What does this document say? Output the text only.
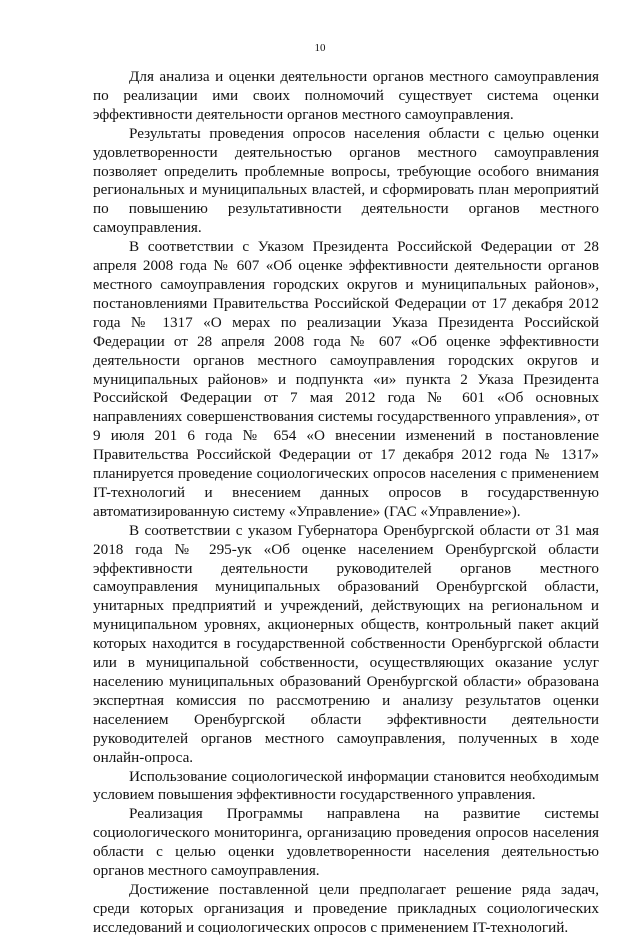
10

Для анализа и оценки деятельности органов местного самоуправления по реализации ими своих полномочий существует система оценки эффективности деятельности органов местного самоуправления.

Результаты проведения опросов населения области с целью оценки удовлетворенности деятельностью органов местного самоуправления позволяет определить проблемные вопросы, требующие особого внимания региональных и муниципальных властей, и сформировать план мероприятий по повышению результативности деятельности органов местного самоуправления.

В соответствии с Указом Президента Российской Федерации от 28 апреля 2008 года № 607 «Об оценке эффективности деятельности органов местного самоуправления городских округов и муниципальных районов», постановлениями Правительства Российской Федерации от 17 декабря 2012 года № 1317 «О мерах по реализации Указа Президента Российской Федерации от 28 апреля 2008 года № 607 «Об оценке эффективности деятельности органов местного самоуправления городских округов и муниципальных районов» и подпункта «и» пункта 2 Указа Президента Российской Федерации от 7 мая 2012 года № 601 «Об основных направлениях совершенствования системы государственного управления», от 9 июля 201 6 года № 654 «О внесении изменений в постановление Правительства Российской Федерации от 17 декабря 2012 года № 1317» планируется проведение социологических опросов населения с применением IT-технологий и внесением данных опросов в государственную автоматизированную систему «Управление» (ГАС «Управление»).

В соответствии с указом Губернатора Оренбургской области от 31 мая 2018 года № 295-ук «Об оценке населением Оренбургской области эффективности деятельности руководителей органов местного самоуправления муниципальных образований Оренбургской области, унитарных предприятий и учреждений, действующих на региональном и муниципальном уровнях, акционерных обществ, контрольный пакет акций которых находится в государственной собственности Оренбургской области или в муниципальной собственности, осуществляющих оказание услуг населению муниципальных образований Оренбургской области» образована экспертная комиссия по рассмотрению и анализу результатов оценки населением Оренбургской области эффективности деятельности руководителей органов местного самоуправления, полученных в ходе онлайн-опроса.

Использование социологической информации становится необходимым условием повышения эффективности государственного управления.

Реализация Программы направлена на развитие системы социологического мониторинга, организацию проведения опросов населения области с целью оценки удовлетворенности населения деятельностью органов местного самоуправления.

Достижение поставленной цели предполагает решение ряда задач, среди которых организация и проведение прикладных социологических исследований и социологических опросов с применением IT-технологий.
